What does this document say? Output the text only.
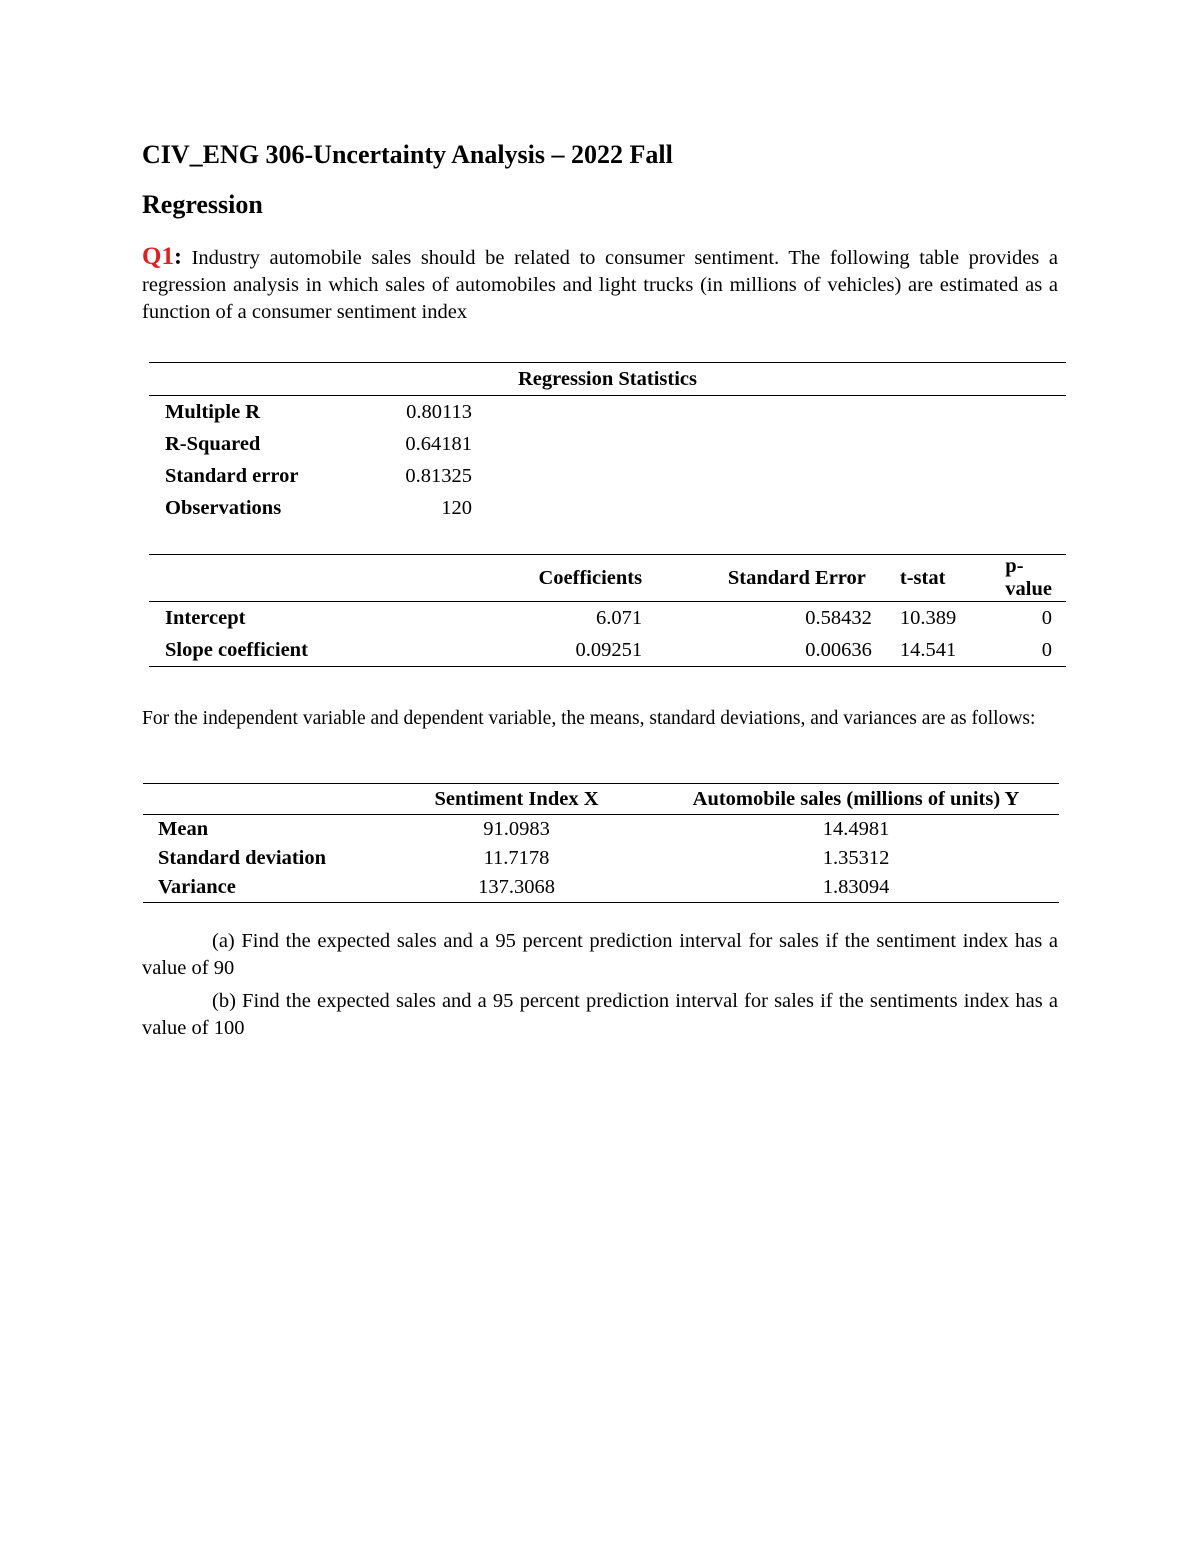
CIV_ENG 306-Uncertainty Analysis – 2022 Fall
Regression
Q1: Industry automobile sales should be related to consumer sentiment. The following table provides a regression analysis in which sales of automobiles and light trucks (in millions of vehicles) are estimated as a function of a consumer sentiment index
Regression Statistics					
Multiple R	0.80113				
R-Squared	0.64181				
Standard error	0.81325				
Observations	120				
	Coefficients	Standard Error	t-stat	p-value
Intercept	6.071	0.58432	10.389	0
Slope coefficient	0.09251	0.00636	14.541	0
For the independent variable and dependent variable, the means, standard deviations, and variances are as follows:
	Sentiment Index X	Automobile sales (millions of units) Y
Mean	91.0983	14.4981
Standard deviation	11.7178	1.35312
Variance	137.3068	1.83094
(a) Find the expected sales and a 95 percent prediction interval for sales if the sentiment index has a value of 90
(b) Find the expected sales and a 95 percent prediction interval for sales if the sentiments index has a value of 100
